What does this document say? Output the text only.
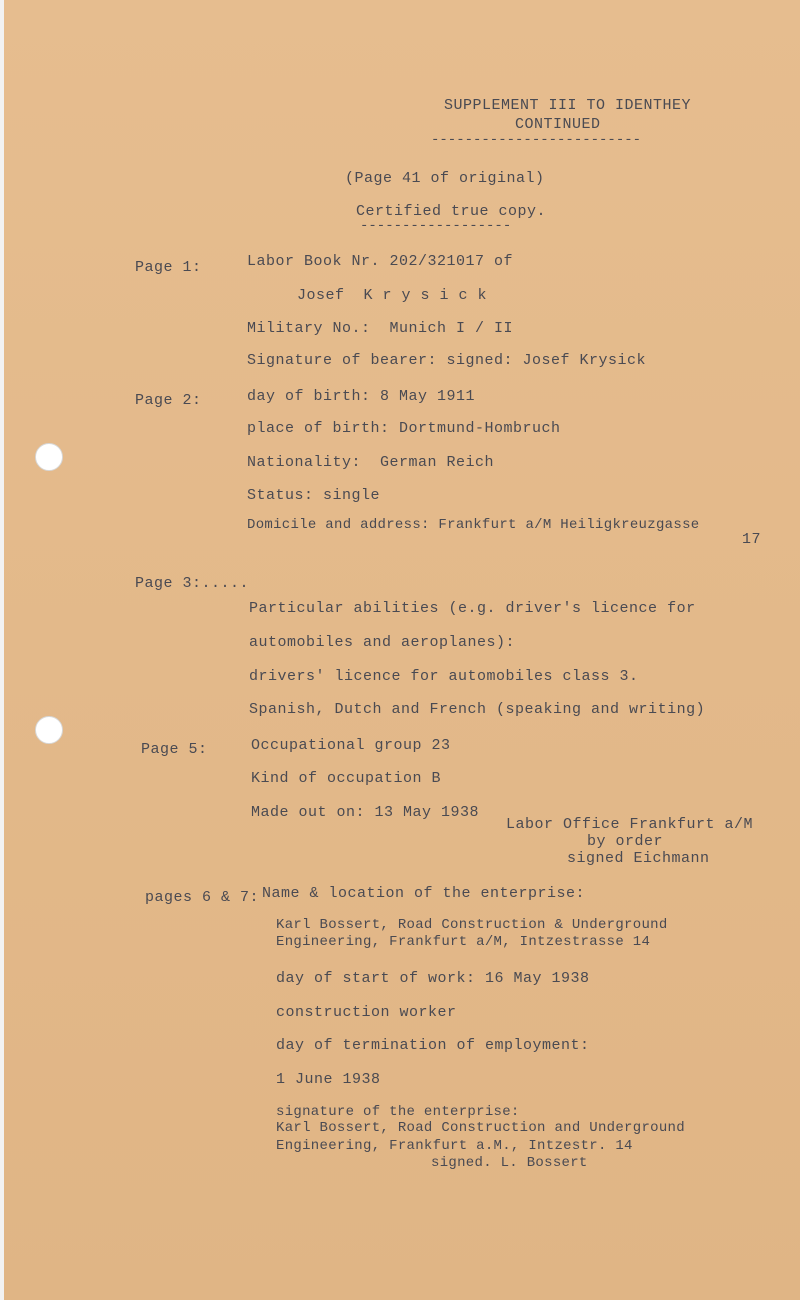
SUPPLEMENT III TO IDENTHEY
CONTINUED
-------------------------
(Page 41 of original)
Certified true copy.
------------------
Page 1:	Labor Book Nr. 202/321017 of
Josef  K r y s i c k
Military No.:  Munich I / II
Signature of bearer: signed: Josef Krysick
Page 2:	day of birth: 8 May 1911
place of birth: Dortmund-Hombruch
Nationality:  German Reich
Status: single
Domicile and address: Frankfurt a/M Heiligkreuzgasse
17
Page 3:.....
Particular abilities (e.g. driver's licence for
automobiles and aeroplanes):
drivers' licence for automobiles class 3.
Spanish, Dutch and French (speaking and writing)
Page 5:	Occupational group 23
Kind of occupation B
Made out on: 13 May 1938
Labor Office Frankfurt a/M
by order
signed Eichmann
pages 6 & 7: Name & location of the enterprise:
Karl Bossert, Road Construction & Underground
Engineering, Frankfurt a/M, Intzestrasse 14
day of start of work: 16 May 1938
construction worker
day of termination of employment:
1 June 1938
signature of the enterprise:
Karl Bossert, Road Construction and Underground
Engineering, Frankfurt a.M., Intzestr. 14
signed. L. Bossert
